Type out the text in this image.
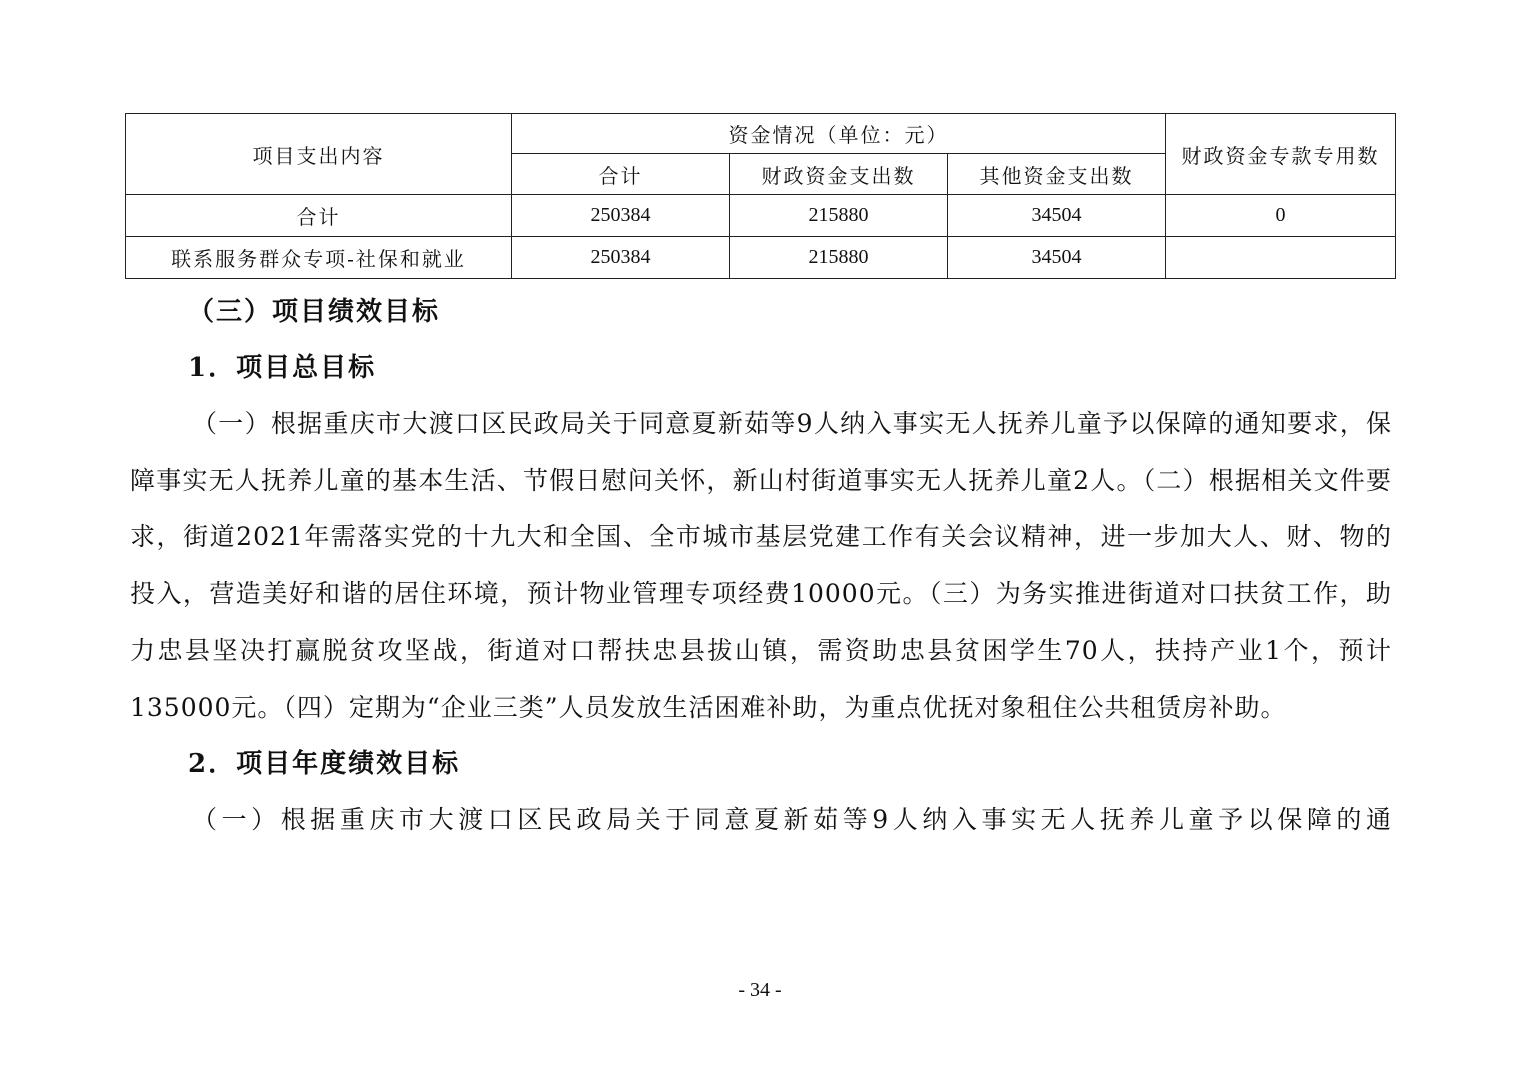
项目支出内容	资金情况（单位：元）			财政资金专款专用数
	合计	财政资金支出数	其他资金支出数	
合计	250384	215880	34504	0
联系服务群众专项-社保和就业	250384	215880	34504	
（三）项目绩效目标
1．项目总目标

（一）根据重庆市大渡口区民政局关于同意夏新茹等9人纳入事实无人抚养儿童予以保障的通知要求，保障事实无人抚养儿童的基本生活、节假日慰问关怀，新山村街道事实无人抚养儿童2人。（二）根据相关文件要求，街道2021年需落实党的十九大和全国、全市城市基层党建工作有关会议精神，进一步加大人、财、物的投入，营造美好和谐的居住环境，预计物业管理专项经费10000元。（三）为务实推进街道对口扶贫工作，助力忠县坚决打赢脱贫攻坚战，街道对口帮扶忠县拔山镇，需资助忠县贫困学生70人，扶持产业1个，预计135000元。（四）定期为“企业三类”人员发放生活困难补助，为重点优抚对象租住公共租赁房补助。

2．项目年度绩效目标

（一）根据重庆市大渡口区民政局关于同意夏新茹等9人纳入事实无人抚养儿童予以保障的通

- 34 -
